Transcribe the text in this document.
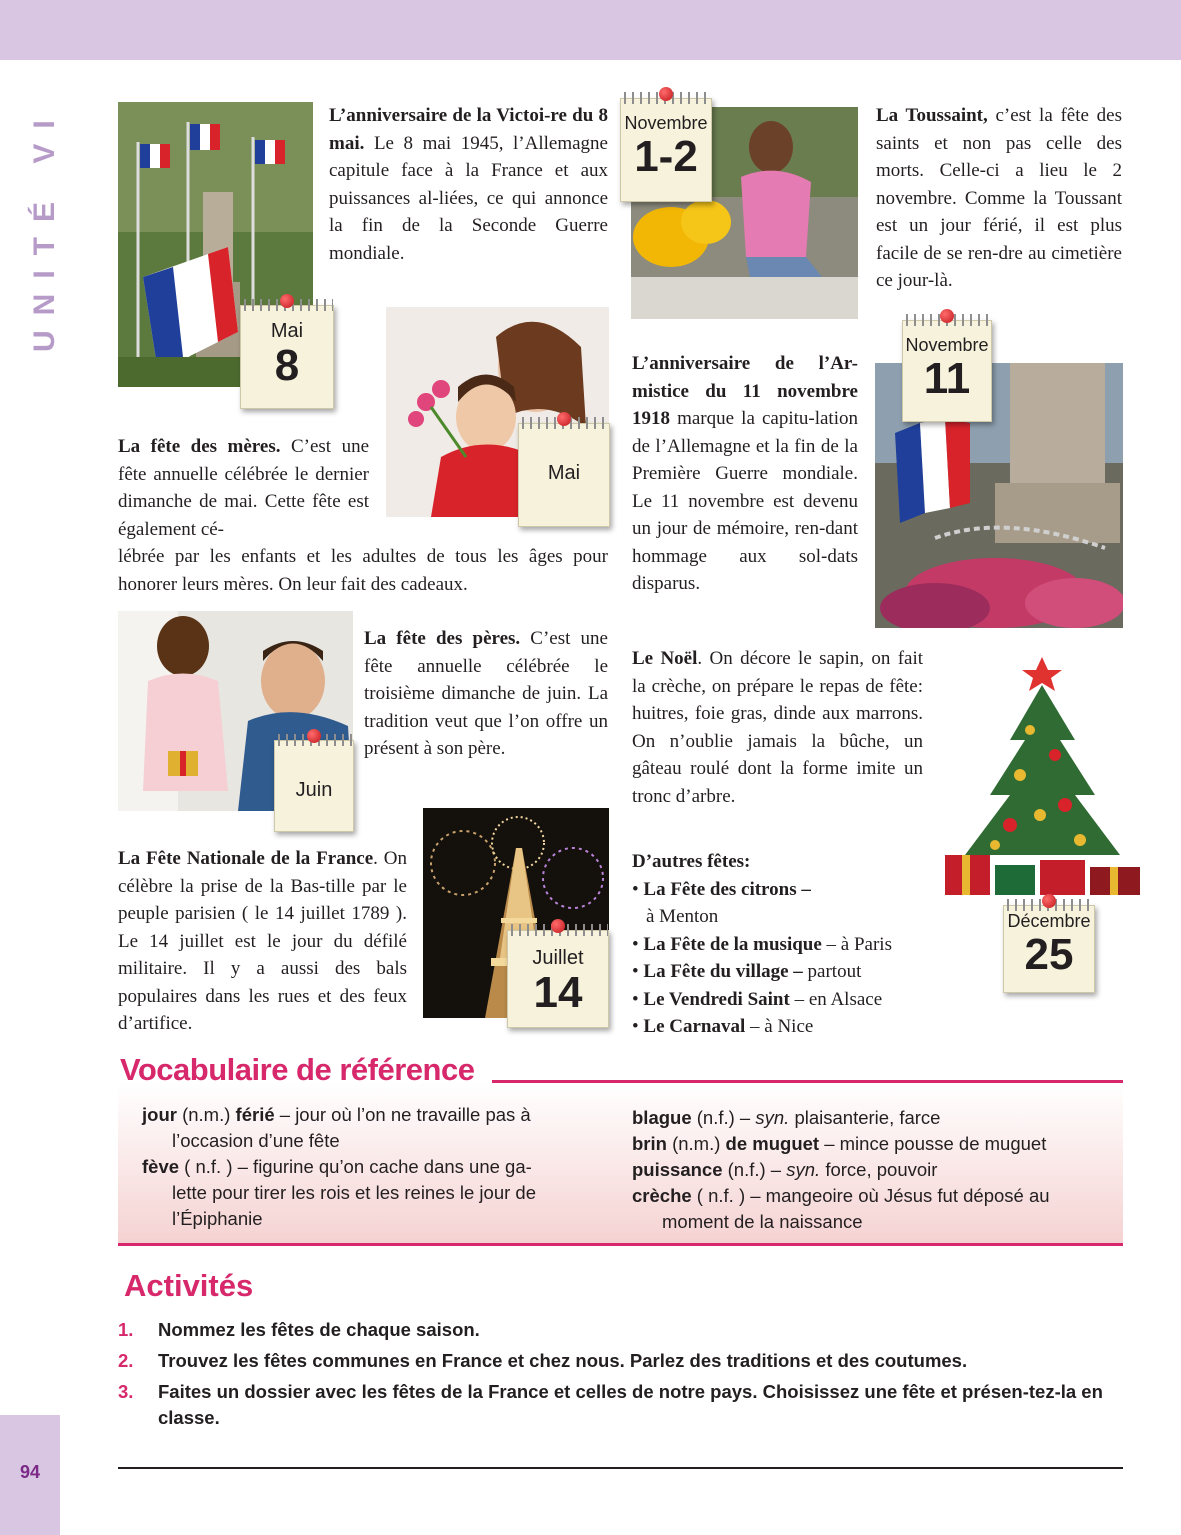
UNITÉ VI
94
Mai
8
L’anniversaire de la Victoi-re du 8 mai. Le 8 mai 1945, l’Allemagne capitule face à la France et aux puissances al-liées, ce qui annonce la fin de la Seconde Guerre mondiale.
Mai
La fête des mères. C’est une fête annuelle célébrée le dernier dimanche de mai. Cette fête est également cé-
lébrée par les enfants et les adultes de tous les âges pour honorer leurs mères. On leur fait des cadeaux.
Juin
La fête des pères. C’est une fête annuelle célébrée le troisième dimanche de juin. La tradition veut que l’on offre un présent à son père.
Juillet
14
La Fête Nationale de la France. On célèbre la prise de la Bas-tille par le peuple parisien ( le 14 juillet 1789 ). Le 14 juillet est le jour du défilé militaire. Il y a aussi des bals populaires dans les rues et des feux d’artifice.
Novembre
1-2
La Toussaint, c’est la fête des saints et non pas celle des morts. Celle-ci a lieu le 2 novembre. Comme la Toussant est un jour férié, il est plus facile de se ren-dre au cimetière ce jour-là.
L’anniversaire de l’Ar-mistice du 11 novembre 1918 marque la capitu-lation de l’Allemagne et la fin de la Première Guerre mondiale. Le 11 novembre est devenu un jour de mémoire, ren-dant hommage aux sol-dats disparus.
Novembre
11
Le Noël. On décore le sapin, on fait la crèche, on prépare le repas de fête: huitres, foie gras, dinde aux marrons. On n’oublie jamais la bûche, un gâteau roulé dont la forme imite un tronc d’arbre.
Décembre
25
D’autres fêtes:
• La Fête des citrons –
à Menton
• La Fête de la musique – à Paris
• La Fête du village – partout
• Le Vendredi Saint – en Alsace
• Le Carnaval – à Nice
Vocabulaire de référence
jour (n.m.) férié – jour où l’on ne travaille pas à
l’occasion d’une fête
fève ( n.f. ) – figurine qu’on cache dans une ga-
lette pour tirer les rois et les reines le jour de l’Épiphanie
blague (n.f.) – syn. plaisanterie, farce
brin (n.m.) de muguet – mince pousse de muguet
puissance (n.f.) – syn. force, pouvoir
crèche ( n.f. ) – mangeoire où Jésus fut déposé au
moment de la naissance
Activités
1. Nommez les fêtes de chaque saison.
2. Trouvez les fêtes communes en France et chez nous. Parlez des traditions et des coutumes.
3. Faites un dossier avec les fêtes de la France et celles de notre pays. Choisissez une fête et présen-tez-la en classe.
